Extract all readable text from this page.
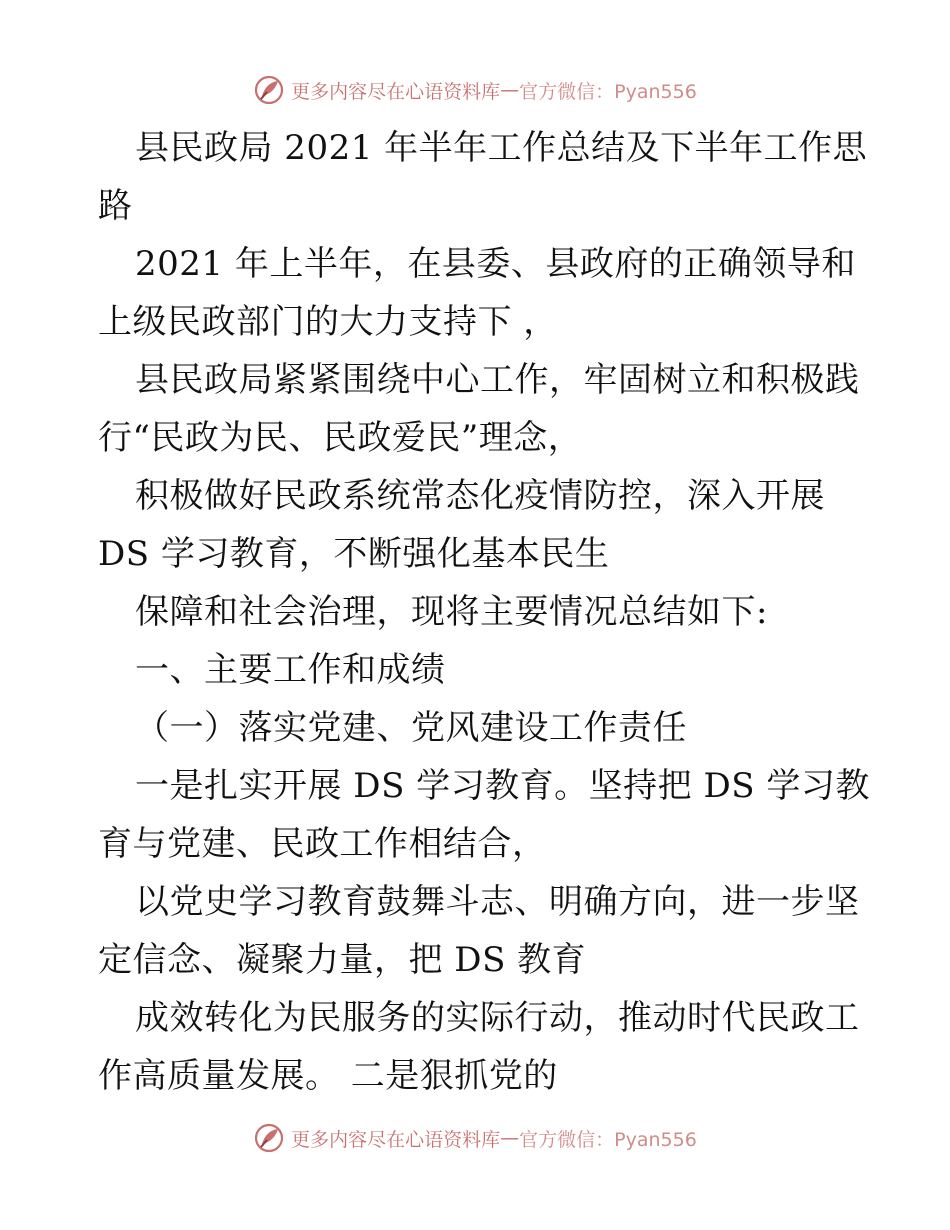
更多内容尽在心语资料库 — 官方微信：Pyan556
县民政局 2021 年半年工作总结及下半年工作思
路
2021 年上半年，在县委、县政府的正确领导和
上级民政部门的大力支持下 ，
县民政局紧紧围绕中心工作，牢固树立和积极践
行“民政为民、民政爱民”理念，
积极做好民政系统常态化疫情防控，深入开展
DS 学习教育，不断强化基本民生
保障和社会治理，现将主要情况总结如下:
一、主要工作和成绩
（一）落实党建、党风建设工作责任
一是扎实开展 DS 学习教育。坚持把 DS 学习教
育与党建、民政工作相结合，
以党史学习教育鼓舞斗志、明确方向，进一步坚
定信念、凝聚力量，把 DS 教育
成效转化为民服务的实际行动，推动时代民政工
作高质量发展。 二是狠抓党的
更多内容尽在心语资料库 — 官方微信：Pyan556
